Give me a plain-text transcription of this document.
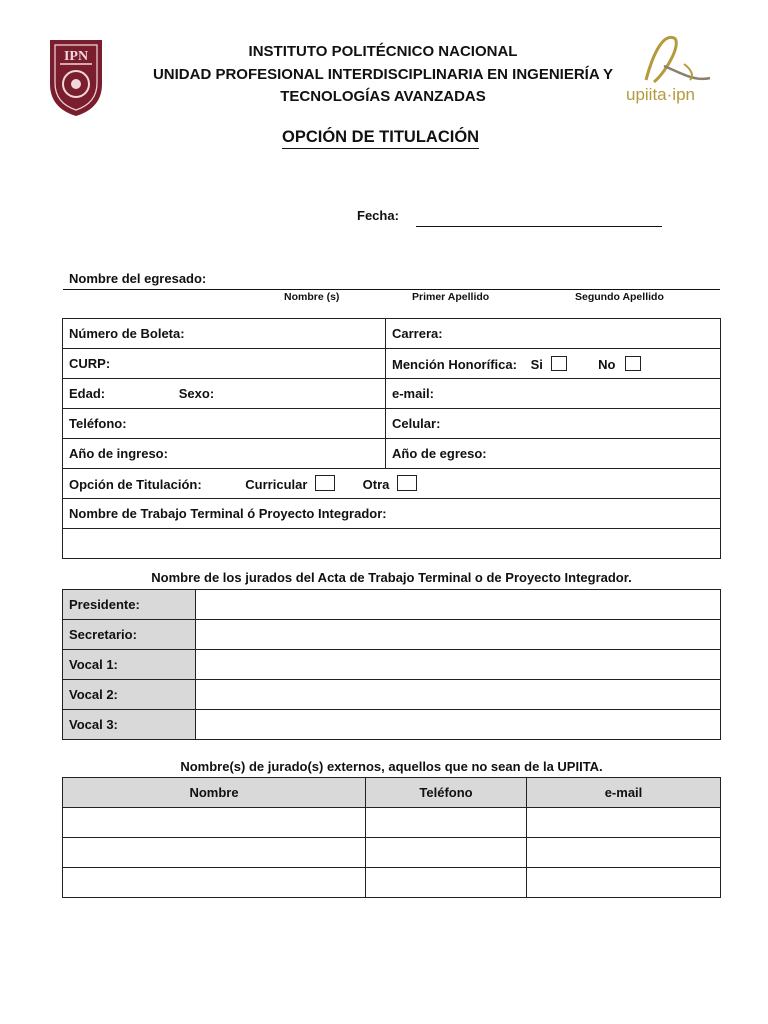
IPN	INSTITUTO POLITÉCNICO NACIONAL
UNIDAD PROFESIONAL INTERDISCIPLINARIA EN INGENIERÍA Y
TECNOLOGÍAS AVANZADAS	upiita·ipn
OPCIÓN DE TITULACIÓN
Fecha:
Nombre del egresado:
Nombre (s)	Primer Apellido	Segundo Apellido
Número de Boleta:	Carrera:
CURP:	Mención Honorífica: Si No
Edad: Sexo:	e-mail:
Teléfono:	Celular:
Año de ingreso:	Año de egreso:
Opción de Titulación: Curricular Otra	
Nombre de Trabajo Terminal ó Proyecto Integrador:	

Nombre de los jurados del Acta de Trabajo Terminal o de Proyecto Integrador.
Presidente:	
Secretario:	
Vocal 1:	
Vocal 2:	
Vocal 3:	
Nombre(s) de jurado(s) externos, aquellos que no sean de la UPIITA.
Nombre	Teléfono	e-mail
